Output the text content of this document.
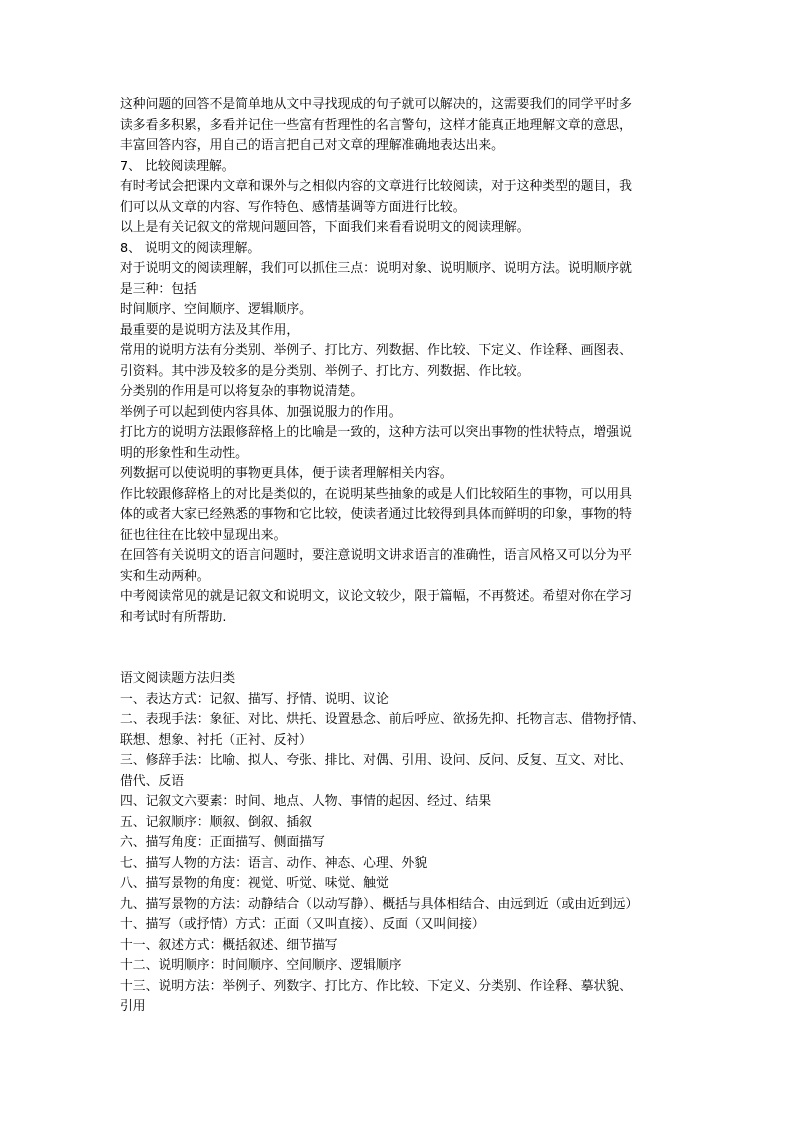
这种问题的回答不是简单地从文中寻找现成的句子就可以解决的，这需要我们的同学平时多
读多看多积累，多看并记住一些富有哲理性的名言警句，这样才能真正地理解文章的意思，
丰富回答内容，用自己的语言把自己对文章的理解准确地表达出来。
7、 比较阅读理解。
有时考试会把课内文章和课外与之相似内容的文章进行比较阅读，对于这种类型的题目，我
们可以从文章的内容、写作特色、感情基调等方面进行比较。
以上是有关记叙文的常规问题回答，下面我们来看看说明文的阅读理解。
8、 说明文的阅读理解。
对于说明文的阅读理解，我们可以抓住三点：说明对象、说明顺序、说明方法。说明顺序就
是三种：包括
时间顺序、空间顺序、逻辑顺序。
最重要的是说明方法及其作用，
常用的说明方法有分类别、举例子、打比方、列数据、作比较、下定义、作诠释、画图表、
引资料。其中涉及较多的是分类别、举例子、打比方、列数据、作比较。
分类别的作用是可以将复杂的事物说清楚。
举例子可以起到使内容具体、加强说服力的作用。
打比方的说明方法跟修辞格上的比喻是一致的，这种方法可以突出事物的性状特点，增强说
明的形象性和生动性。
列数据可以使说明的事物更具体，便于读者理解相关内容。
作比较跟修辞格上的对比是类似的，在说明某些抽象的或是人们比较陌生的事物，可以用具
体的或者大家已经熟悉的事物和它比较，使读者通过比较得到具体而鲜明的印象，事物的特
征也往往在比较中显现出来。
在回答有关说明文的语言问题时，要注意说明文讲求语言的准确性，语言风格又可以分为平
实和生动两种。
中考阅读常见的就是记叙文和说明文，议论文较少，限于篇幅，不再赘述。希望对你在学习
和考试时有所帮助.
语文阅读题方法归类
一、表达方式：记叙、描写、抒情、说明、议论
二、表现手法：象征、对比、烘托、设置悬念、前后呼应、欲扬先抑、托物言志、借物抒情、
联想、想象、衬托（正衬、反衬）
三、修辞手法：比喻、拟人、夸张、排比、对偶、引用、设问、反问、反复、互文、对比、
借代、反语
四、记叙文六要素：时间、地点、人物、事情的起因、经过、结果
五、记叙顺序：顺叙、倒叙、插叙
六、描写角度：正面描写、侧面描写
七、描写人物的方法：语言、动作、神态、心理、外貌
八、描写景物的角度：视觉、听觉、味觉、触觉
九、描写景物的方法：动静结合（以动写静）、概括与具体相结合、由远到近（或由近到远）
十、描写（或抒情）方式：正面（又叫直接）、反面（又叫间接）
十一、叙述方式：概括叙述、细节描写
十二、说明顺序：时间顺序、空间顺序、逻辑顺序
十三、说明方法：举例子、列数字、打比方、作比较、下定义、分类别、作诠释、摹状貌、
引用
